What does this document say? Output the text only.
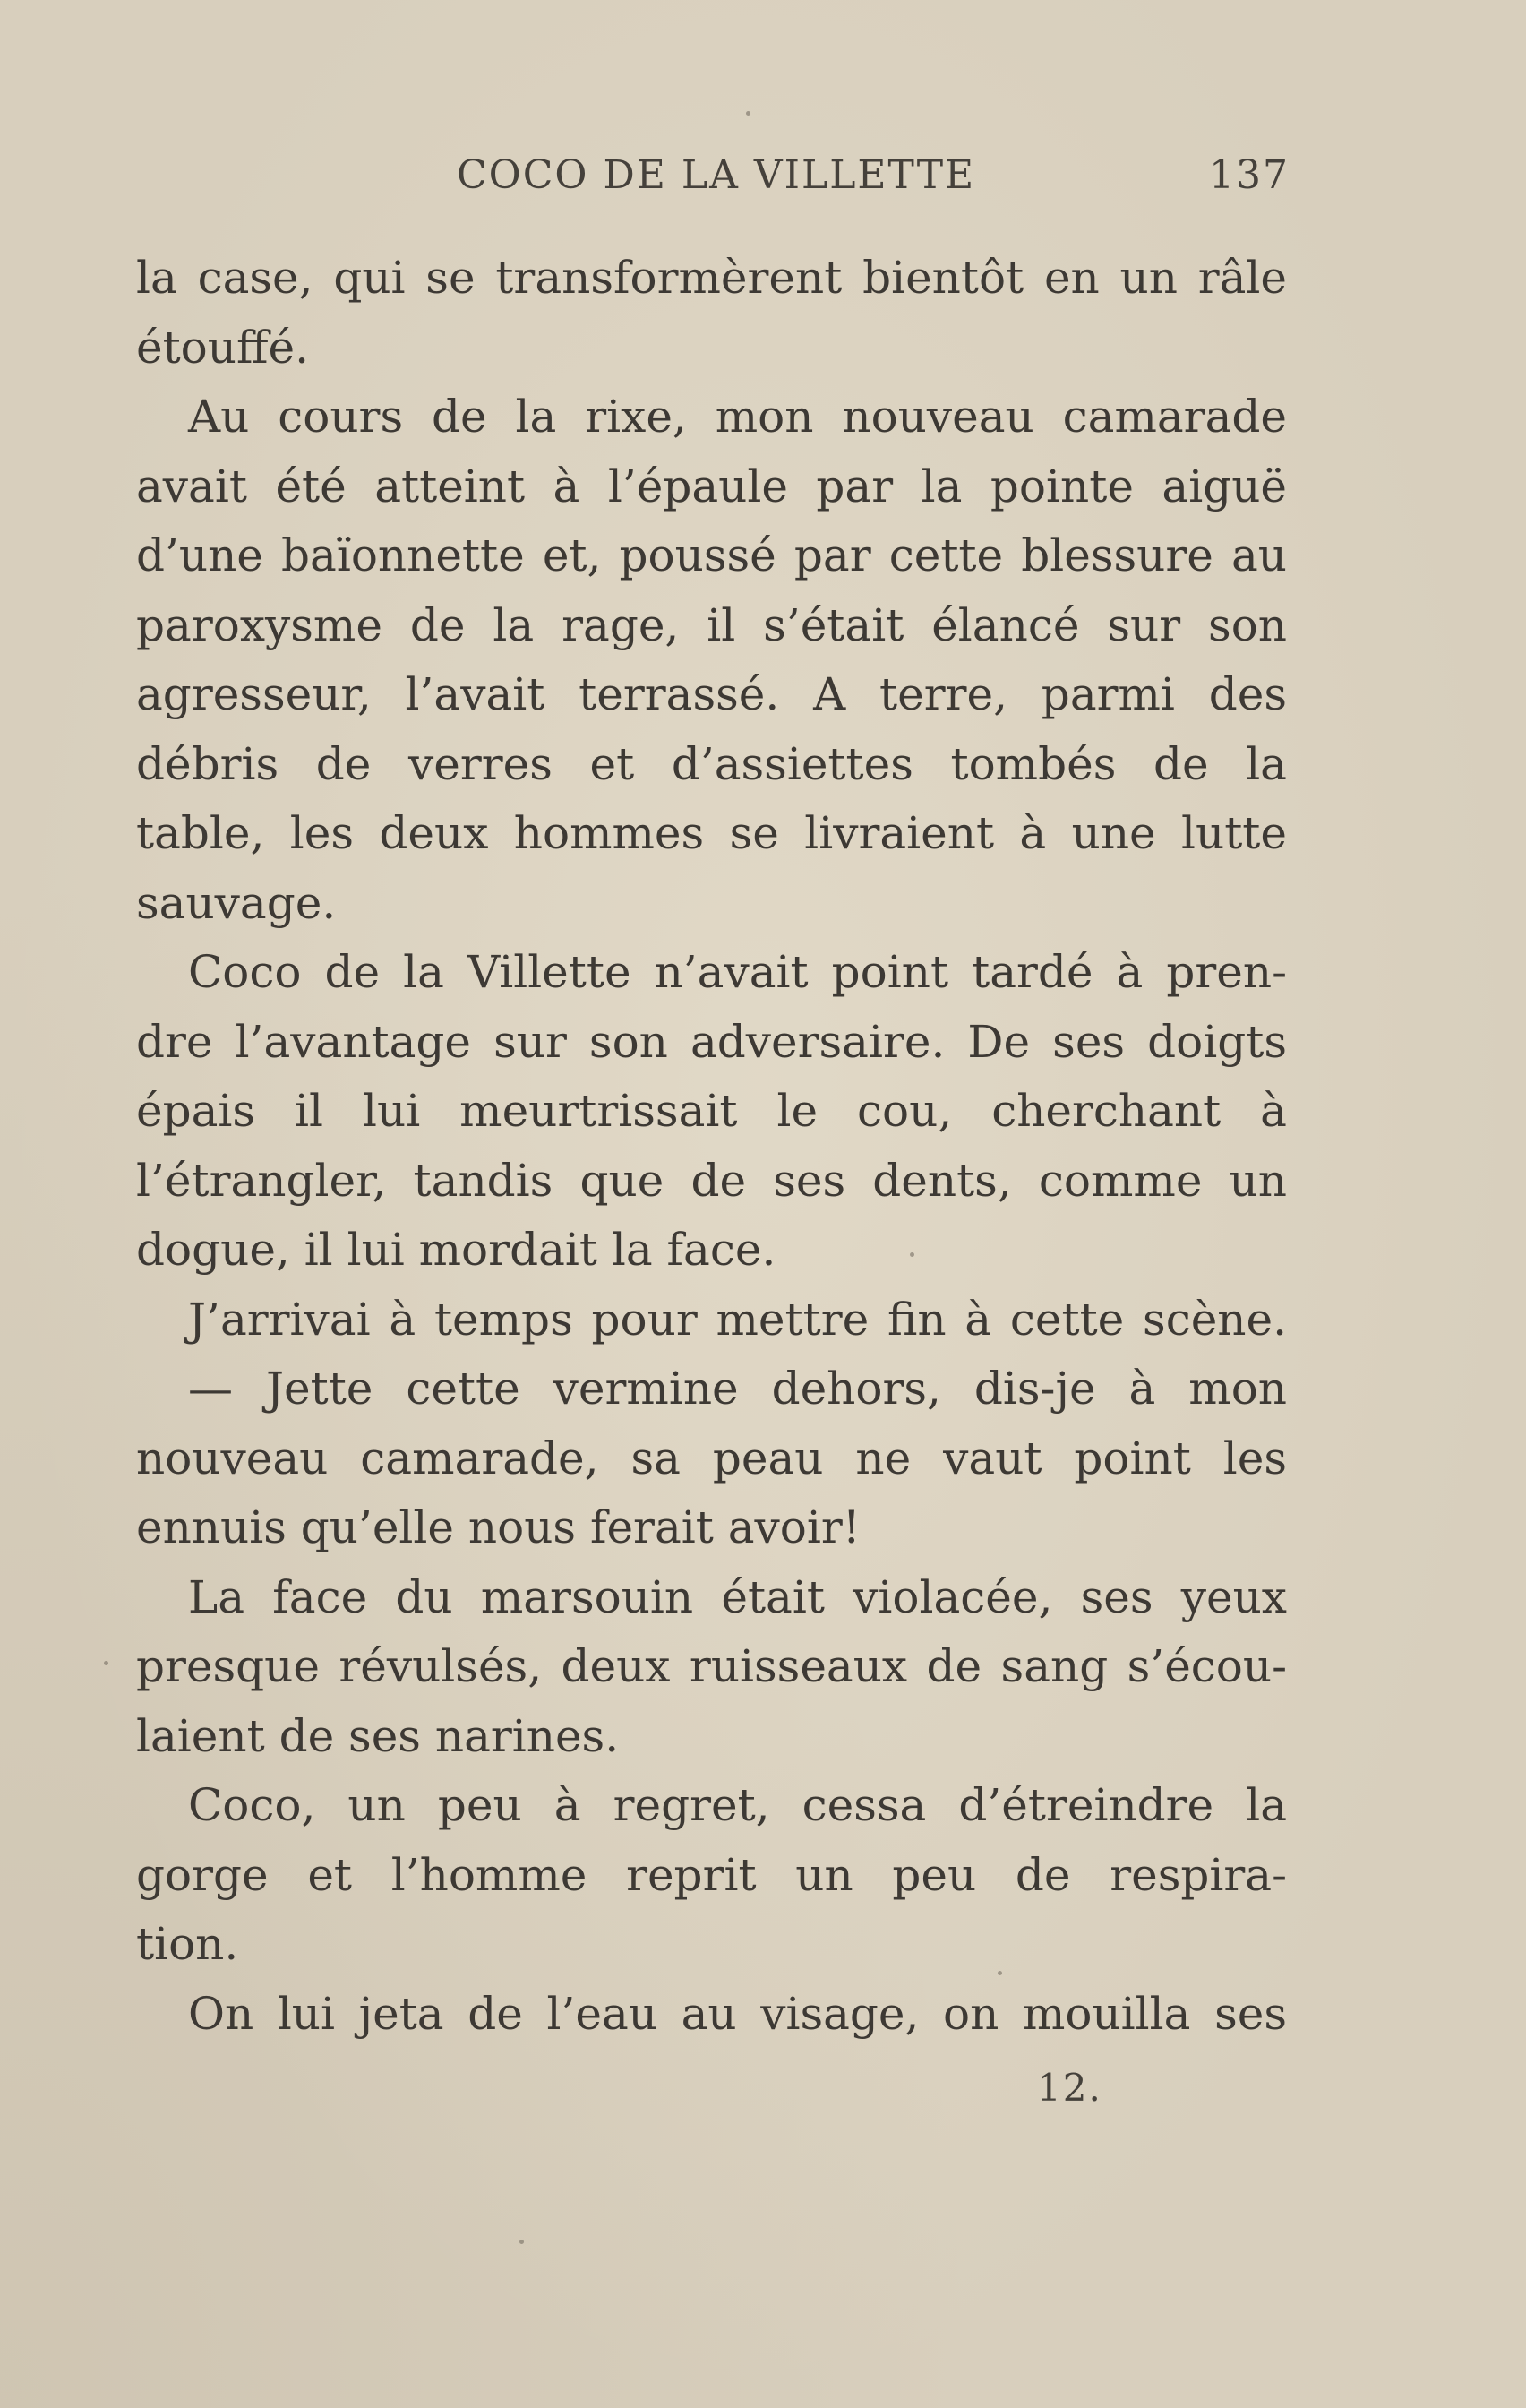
COCO DE LA VILLETTE	137
la case, qui se transformèrent bientôt en un râle
étouffé.
Au cours de la rixe, mon nouveau camarade
avait été atteint à l’épaule par la pointe aiguë
d’une baïonnette et, poussé par cette blessure au
paroxysme de la rage, il s’était élancé sur son
agresseur, l’avait terrassé. A terre, parmi des
débris de verres et d’assiettes tombés de la
table, les deux hommes se livraient à une lutte
sauvage.
Coco de la Villette n’avait point tardé à pren-
dre l’avantage sur son adversaire. De ses doigts
épais il lui meurtrissait le cou, cherchant à
l’étrangler, tandis que de ses dents, comme un
dogue, il lui mordait la face.
J’arrivai à temps pour mettre fin à cette scène.
— Jette cette vermine dehors, dis-je à mon
nouveau camarade, sa peau ne vaut point les
ennuis qu’elle nous ferait avoir!
La face du marsouin était violacée, ses yeux
presque révulsés, deux ruisseaux de sang s’écou-
laient de ses narines.
Coco, un peu à regret, cessa d’étreindre la
gorge et l’homme reprit un peu de respira-
tion.
On lui jeta de l’eau au visage, on mouilla ses
12.
